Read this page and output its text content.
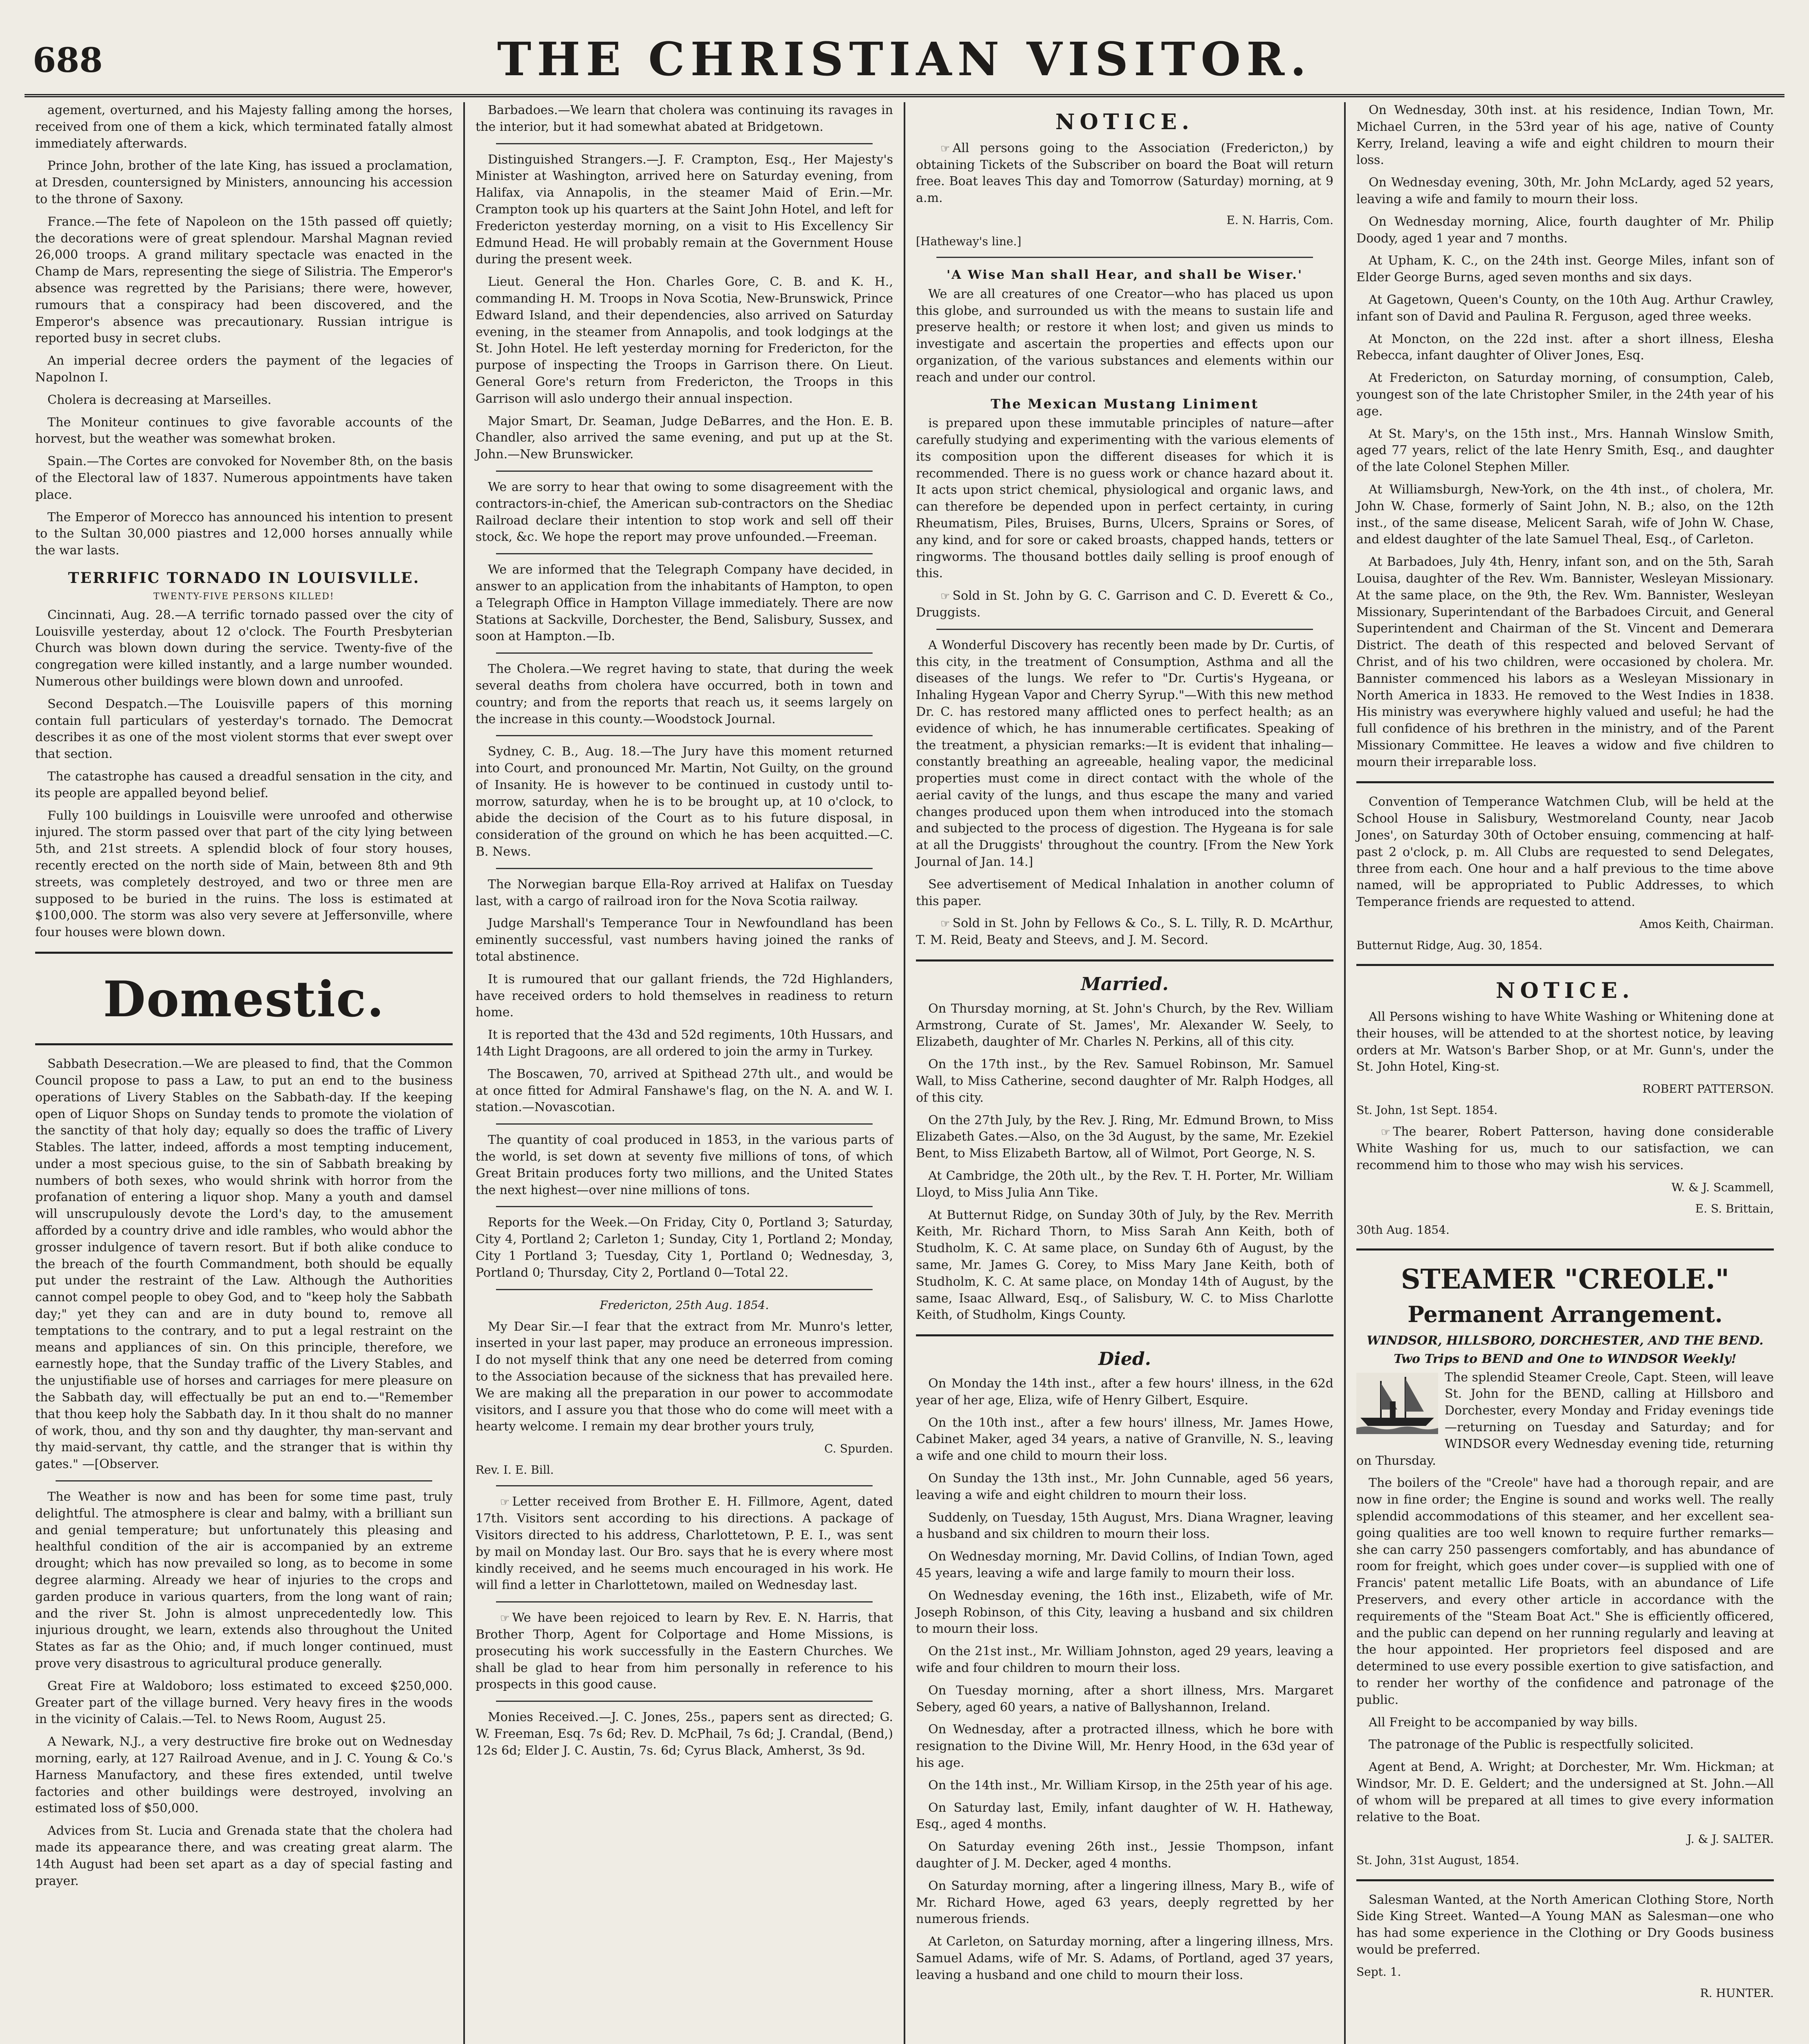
688	THE CHRISTIAN VISITOR.

agement, overturned, and his Majesty falling among the horses, received from one of them a kick, which terminated fatally almost immediately afterwards.

Prince John, brother of the late King, has issued a proclamation, at Dresden, countersigned by Ministers, announcing his accession to the throne of Saxony.

France.—The fete of Napoleon on the 15th passed off quietly; the decorations were of great splendour. Marshal Magnan revied 26,000 troops. A grand military spectacle was enacted in the Champ de Mars, representing the siege of Silistria. The Emperor's absence was regretted by the Parisians; there were, however, rumours that a conspiracy had been discovered, and the Emperor's absence was precautionary. Russian intrigue is reported busy in secret clubs.

An imperial decree orders the payment of the legacies of Napolnon I.

Cholera is decreasing at Marseilles.

The Moniteur continues to give favorable accounts of the horvest, but the weather was somewhat broken.

Spain.—The Cortes are convoked for November 8th, on the basis of the Electoral law of 1837. Numerous appointments have taken place.

The Emperor of Morecco has announced his intention to present to the Sultan 30,000 piastres and 12,000 horses annually while the war lasts.

TERRIFIC TORNADO IN LOUISVILLE.
TWENTY-FIVE PERSONS KILLED!

Cincinnati, Aug. 28.—A terrific tornado passed over the city of Louisville yesterday, about 12 o'clock. The Fourth Presbyterian Church was blown down during the service. Twenty-five of the congregation were killed instantly, and a large number wounded. Numerous other buildings were blown down and unroofed.

Second Despatch.—The Louisville papers of this morning contain full particulars of yesterday's tornado. The Democrat describes it as one of the most violent storms that ever swept over that section.

The catastrophe has caused a dreadful sensation in the city, and its people are appalled beyond belief.

Fully 100 buildings in Louisville were unroofed and otherwise injured. The storm passed over that part of the city lying between 5th, and 21st streets. A splendid block of four story houses, recently erected on the north side of Main, between 8th and 9th streets, was completely destroyed, and two or three men are supposed to be buried in the ruins. The loss is estimated at $100,000. The storm was also very severe at Jeffersonville, where four houses were blown down.

Domestic.

Sabbath Desecration.—We are pleased to find, that the Common Council propose to pass a Law, to put an end to the business operations of Livery Stables on the Sabbath-day. If the keeping open of Liquor Shops on Sunday tends to promote the violation of the sanctity of that holy day; equally so does the traffic of Livery Stables. The latter, indeed, affords a most tempting inducement, under a most specious guise, to the sin of Sabbath breaking by numbers of both sexes, who would shrink with horror from the profanation of entering a liquor shop. Many a youth and damsel will unscrupulously devote the Lord's day, to the amusement afforded by a country drive and idle rambles, who would abhor the grosser indulgence of tavern resort. But if both alike conduce to the breach of the fourth Commandment, both should be equally put under the restraint of the Law. Although the Authorities cannot compel people to obey God, and to "keep holy the Sabbath day;" yet they can and are in duty bound to, remove all temptations to the contrary, and to put a legal restraint on the means and appliances of sin. On this principle, therefore, we earnestly hope, that the Sunday traffic of the Livery Stables, and the unjustifiable use of horses and carriages for mere pleasure on the Sabbath day, will effectually be put an end to.—"Remember that thou keep holy the Sabbath day. In it thou shalt do no manner of work, thou, and thy son and thy daughter, thy man-servant and thy maid-servant, thy cattle, and the stranger that is within thy gates." —[Observer.

The Weather is now and has been for some time past, truly delightful. The atmosphere is clear and balmy, with a brilliant sun and genial temperature; but unfortunately this pleasing and healthful condition of the air is accompanied by an extreme drought; which has now prevailed so long, as to become in some degree alarming. Already we hear of injuries to the crops and garden produce in various quarters, from the long want of rain; and the river St. John is almost unprecedentedly low. This injurious drought, we learn, extends also throughout the United States as far as the Ohio; and, if much longer continued, must prove very disastrous to agricultural produce generally.

Great Fire at Waldoboro; loss estimated to exceed $250,000. Greater part of the village burned. Very heavy fires in the woods in the vicinity of Calais.—Tel. to News Room, August 25.

A Newark, N.J., a very destructive fire broke out on Wednesday morning, early, at 127 Railroad Avenue, and in J. C. Young & Co.'s Harness Manufactory, and these fires extended, until twelve factories and other buildings were destroyed, involving an estimated loss of $50,000.

Advices from St. Lucia and Grenada state that the cholera had made its appearance there, and was creating great alarm. The 14th August had been set apart as a day of special fasting and prayer.

Barbadoes.—We learn that cholera was continuing its ravages in the interior, but it had somewhat abated at Bridgetown.

Distinguished Strangers.—J. F. Crampton, Esq., Her Majesty's Minister at Washington, arrived here on Saturday evening, from Halifax, via Annapolis, in the steamer Maid of Erin.—Mr. Crampton took up his quarters at the Saint John Hotel, and left for Fredericton yesterday morning, on a visit to His Excellency Sir Edmund Head. He will probably remain at the Government House during the present week.

Lieut. General the Hon. Charles Gore, C. B. and K. H., commanding H. M. Troops in Nova Scotia, New-Brunswick, Prince Edward Island, and their dependencies, also arrived on Saturday evening, in the steamer from Annapolis, and took lodgings at the St. John Hotel. He left yesterday morning for Fredericton, for the purpose of inspecting the Troops in Garrison there. On Lieut. General Gore's return from Fredericton, the Troops in this Garrison will aslo undergo their annual inspection.

Major Smart, Dr. Seaman, Judge DeBarres, and the Hon. E. B. Chandler, also arrived the same evening, and put up at the St. John.—New Brunswicker.

We are sorry to hear that owing to some disagreement with the contractors-in-chief, the American sub-contractors on the Shediac Railroad declare their intention to stop work and sell off their stock, &c. We hope the report may prove unfounded.—Freeman.

We are informed that the Telegraph Company have decided, in answer to an application from the inhabitants of Hampton, to open a Telegraph Office in Hampton Village immediately. There are now Stations at Sackville, Dorchester, the Bend, Salisbury, Sussex, and soon at Hampton.—Ib.

The Cholera.—We regret having to state, that during the week several deaths from cholera have occurred, both in town and country; and from the reports that reach us, it seems largely on the increase in this county.—Woodstock Journal.

Sydney, C. B., Aug. 18.—The Jury have this moment returned into Court, and pronounced Mr. Martin, Not Guilty, on the ground of Insanity. He is however to be continued in custody until to-morrow, saturday, when he is to be brought up, at 10 o'clock, to abide the decision of the Court as to his future disposal, in consideration of the ground on which he has been acquitted.—C. B. News.

The Norwegian barque Ella-Roy arrived at Halifax on Tuesday last, with a cargo of railroad iron for the Nova Scotia railway.

Judge Marshall's Temperance Tour in Newfoundland has been eminently successful, vast numbers having joined the ranks of total abstinence.

It is rumoured that our gallant friends, the 72d Highlanders, have received orders to hold themselves in readiness to return home.

It is reported that the 43d and 52d regiments, 10th Hussars, and 14th Light Dragoons, are all ordered to join the army in Turkey.

The Boscawen, 70, arrived at Spithead 27th ult., and would be at once fitted for Admiral Fanshawe's flag, on the N. A. and W. I. station.—Novascotian.

The quantity of coal produced in 1853, in the various parts of the world, is set down at seventy five millions of tons, of which Great Britain produces forty two millions, and the United States the next highest—over nine millions of tons.

Reports for the Week.—On Friday, City 0, Portland 3; Saturday, City 4, Portland 2; Carleton 1; Sunday, City 1, Portland 2; Monday, City 1 Portland 3; Tuesday, City 1, Portland 0; Wednesday, 3, Portland 0; Thursday, City 2, Portland 0—Total 22.

Fredericton, 25th Aug. 1854.

My Dear Sir.—I fear that the extract from Mr. Munro's letter, inserted in your last paper, may produce an erroneous impression. I do not myself think that any one need be deterred from coming to the Association because of the sickness that has prevailed here. We are making all the preparation in our power to accommodate visitors, and I assure you that those who do come will meet with a hearty welcome. I remain my dear brother yours truly,

C. Spurden.
Rev. I. E. Bill.

☞ Letter received from Brother E. H. Fillmore, Agent, dated 17th. Visitors sent according to his directions. A package of Visitors directed to his address, Charlottetown, P. E. I., was sent by mail on Monday last. Our Bro. says that he is every where most kindly received, and he seems much encouraged in his work. He will find a letter in Charlottetown, mailed on Wednesday last.

☞ We have been rejoiced to learn by Rev. E. N. Harris, that Brother Thorp, Agent for Colportage and Home Missions, is prosecuting his work successfully in the Eastern Churches. We shall be glad to hear from him personally in reference to his prospects in this good cause.

Monies Received.—J. C. Jones, 25s., papers sent as directed; G. W. Freeman, Esq. 7s 6d; Rev. D. McPhail, 7s 6d; J. Crandal, (Bend,) 12s 6d; Elder J. C. Austin, 7s. 6d; Cyrus Black, Amherst, 3s 9d.

NOTICE.

☞ All persons going to the Association (Fredericton,) by obtaining Tickets of the Subscriber on board the Boat will return free. Boat leaves This day and Tomorrow (Saturday) morning, at 9 a.m.

E. N. Harris, Com.
[Hatheway's line.]
'A Wise Man shall Hear, and shall be Wiser.'

We are all creatures of one Creator—who has placed us upon this globe, and surrounded us with the means to sustain life and preserve health; or restore it when lost; and given us minds to investigate and ascertain the properties and effects upon our organization, of the various substances and elements within our reach and under our control.

The Mexican Mustang Liniment

is prepared upon these immutable principles of nature—after carefully studying and experimenting with the various elements of its composition upon the different diseases for which it is recommended. There is no guess work or chance hazard about it. It acts upon strict chemical, physiological and organic laws, and can therefore be depended upon in perfect certainty, in curing Rheumatism, Piles, Bruises, Burns, Ulcers, Sprains or Sores, of any kind, and for sore or caked broasts, chapped hands, tetters or ringworms. The thousand bottles daily selling is proof enough of this.

☞ Sold in St. John by G. C. Garrison and C. D. Everett & Co., Druggists.

A Wonderful Discovery has recently been made by Dr. Curtis, of this city, in the treatment of Consumption, Asthma and all the diseases of the lungs. We refer to "Dr. Curtis's Hygeana, or Inhaling Hygean Vapor and Cherry Syrup."—With this new method Dr. C. has restored many afflicted ones to perfect health; as an evidence of which, he has innumerable certificates. Speaking of the treatment, a physician remarks:—It is evident that inhaling—constantly breathing an agreeable, healing vapor, the medicinal properties must come in direct contact with the whole of the aerial cavity of the lungs, and thus escape the many and varied changes produced upon them when introduced into the stomach and subjected to the process of digestion. The Hygeana is for sale at all the Druggists' throughout the country. [From the New York Journal of Jan. 14.]

See advertisement of Medical Inhalation in another column of this paper.

☞ Sold in St. John by Fellows & Co., S. L. Tilly, R. D. McArthur, T. M. Reid, Beaty and Steevs, and J. M. Secord.

Married.

On Thursday morning, at St. John's Church, by the Rev. William Armstrong, Curate of St. James', Mr. Alexander W. Seely, to Elizabeth, daughter of Mr. Charles N. Perkins, all of this city.

On the 17th inst., by the Rev. Samuel Robinson, Mr. Samuel Wall, to Miss Catherine, second daughter of Mr. Ralph Hodges, all of this city.

On the 27th July, by the Rev. J. Ring, Mr. Edmund Brown, to Miss Elizabeth Gates.—Also, on the 3d August, by the same, Mr. Ezekiel Bent, to Miss Elizabeth Bartow, all of Wilmot, Port George, N. S.

At Cambridge, the 20th ult., by the Rev. T. H. Porter, Mr. William Lloyd, to Miss Julia Ann Tike.

At Butternut Ridge, on Sunday 30th of July, by the Rev. Merrith Keith, Mr. Richard Thorn, to Miss Sarah Ann Keith, both of Studholm, K. C. At same place, on Sunday 6th of August, by the same, Mr. James G. Corey, to Miss Mary Jane Keith, both of Studholm, K. C. At same place, on Monday 14th of August, by the same, Isaac Allward, Esq., of Salisbury, W. C. to Miss Charlotte Keith, of Studholm, Kings County.

Died.

On Monday the 14th inst., after a few hours' illness, in the 62d year of her age, Eliza, wife of Henry Gilbert, Esquire.

On the 10th inst., after a few hours' illness, Mr. James Howe, Cabinet Maker, aged 34 years, a native of Granville, N. S., leaving a wife and one child to mourn their loss.

On Sunday the 13th inst., Mr. John Cunnable, aged 56 years, leaving a wife and eight children to mourn their loss.

Suddenly, on Tuesday, 15th August, Mrs. Diana Wragner, leaving a husband and six children to mourn their loss.

On Wednesday morning, Mr. David Collins, of Indian Town, aged 45 years, leaving a wife and large family to mourn their loss.

On Wednesday evening, the 16th inst., Elizabeth, wife of Mr. Joseph Robinson, of this City, leaving a husband and six children to mourn their loss.

On the 21st inst., Mr. William Johnston, aged 29 years, leaving a wife and four children to mourn their loss.

On Tuesday morning, after a short illness, Mrs. Margaret Sebery, aged 60 years, a native of Ballyshannon, Ireland.

On Wednesday, after a protracted illness, which he bore with resignation to the Divine Will, Mr. Henry Hood, in the 63d year of his age.

On the 14th inst., Mr. William Kirsop, in the 25th year of his age.

On Saturday last, Emily, infant daughter of W. H. Hatheway, Esq., aged 4 months.

On Saturday evening 26th inst., Jessie Thompson, infant daughter of J. M. Decker, aged 4 months.

On Saturday morning, after a lingering illness, Mary B., wife of Mr. Richard Howe, aged 63 years, deeply regretted by her numerous friends.

At Carleton, on Saturday morning, after a lingering illness, Mrs. Samuel Adams, wife of Mr. S. Adams, of Portland, aged 37 years, leaving a husband and one child to mourn their loss.

On Wednesday, 30th inst. at his residence, Indian Town, Mr. Michael Curren, in the 53rd year of his age, native of County Kerry, Ireland, leaving a wife and eight children to mourn their loss.

On Wednesday evening, 30th, Mr. John McLardy, aged 52 years, leaving a wife and family to mourn their loss.

On Wednesday morning, Alice, fourth daughter of Mr. Philip Doody, aged 1 year and 7 months.

At Upham, K. C., on the 24th inst. George Miles, infant son of Elder George Burns, aged seven months and six days.

At Gagetown, Queen's County, on the 10th Aug. Arthur Crawley, infant son of David and Paulina R. Ferguson, aged three weeks.

At Moncton, on the 22d inst. after a short illness, Elesha Rebecca, infant daughter of Oliver Jones, Esq.

At Fredericton, on Saturday morning, of consumption, Caleb, youngest son of the late Christopher Smiler, in the 24th year of his age.

At St. Mary's, on the 15th inst., Mrs. Hannah Winslow Smith, aged 77 years, relict of the late Henry Smith, Esq., and daughter of the late Colonel Stephen Miller.

At Williamsburgh, New-York, on the 4th inst., of cholera, Mr. John W. Chase, formerly of Saint John, N. B.; also, on the 12th inst., of the same disease, Melicent Sarah, wife of John W. Chase, and eldest daughter of the late Samuel Theal, Esq., of Carleton.

At Barbadoes, July 4th, Henry, infant son, and on the 5th, Sarah Louisa, daughter of the Rev. Wm. Bannister, Wesleyan Missionary. At the same place, on the 9th, the Rev. Wm. Bannister, Wesleyan Missionary, Superintendant of the Barbadoes Circuit, and General Superintendent and Chairman of the St. Vincent and Demerara District. The death of this respected and beloved Servant of Christ, and of his two children, were occasioned by cholera. Mr. Bannister commenced his labors as a Wesleyan Missionary in North America in 1833. He removed to the West Indies in 1838. His ministry was everywhere highly valued and useful; he had the full confidence of his brethren in the ministry, and of the Parent Missionary Committee. He leaves a widow and five children to mourn their irreparable loss.

Convention of Temperance Watchmen Club, will be held at the School House in Salisbury, Westmoreland County, near Jacob Jones', on Saturday 30th of October ensuing, commencing at half-past 2 o'clock, p. m. All Clubs are requested to send Delegates, three from each. One hour and a half previous to the time above named, will be appropriated to Public Addresses, to which Temperance friends are requested to attend.

Amos Keith, Chairman.
Butternut Ridge, Aug. 30, 1854.
NOTICE.

All Persons wishing to have White Washing or Whitening done at their houses, will be attended to at the shortest notice, by leaving orders at Mr. Watson's Barber Shop, or at Mr. Gunn's, under the St. John Hotel, King-st.

ROBERT PATTERSON.
St. John, 1st Sept. 1854.

☞ The bearer, Robert Patterson, having done considerable White Washing for us, much to our satisfaction, we can recommend him to those who may wish his services.

W. & J. Scammell,
E. S. Brittain,
30th Aug. 1854.
STEAMER "CREOLE."
Permanent Arrangement.
WINDSOR, HILLSBORO, DORCHESTER, AND THE BEND.
Two Trips to BEND and One to WINDSOR Weekly!

The splendid Steamer Creole, Capt. Steen, will leave St. John for the BEND, calling at Hillsboro and Dorchester, every Monday and Friday evenings tide—returning on Tuesday and Saturday; and for WINDSOR every Wednesday evening tide, returning on Thursday.

The boilers of the "Creole" have had a thorough repair, and are now in fine order; the Engine is sound and works well. The really splendid accommodations of this steamer, and her excellent sea-going qualities are too well known to require further remarks—she can carry 250 passengers comfortably, and has abundance of room for freight, which goes under cover—is supplied with one of Francis' patent metallic Life Boats, with an abundance of Life Preservers, and every other article in accordance with the requirements of the "Steam Boat Act." She is efficiently officered, and the public can depend on her running regularly and leaving at the hour appointed. Her proprietors feel disposed and are determined to use every possible exertion to give satisfaction, and to render her worthy of the confidence and patronage of the public.

All Freight to be accompanied by way bills.

The patronage of the Public is respectfully solicited.

Agent at Bend, A. Wright; at Dorchester, Mr. Wm. Hickman; at Windsor, Mr. D. E. Geldert; and the undersigned at St. John.—All of whom will be prepared at all times to give every information relative to the Boat.

J. & J. SALTER.
St. John, 31st August, 1854.

Salesman Wanted, at the North American Clothing Store, North Side King Street. Wanted—A Young MAN as Salesman—one who has had some experience in the Clothing or Dry Goods business would be preferred.

Sept. 1.
R. HUNTER.
